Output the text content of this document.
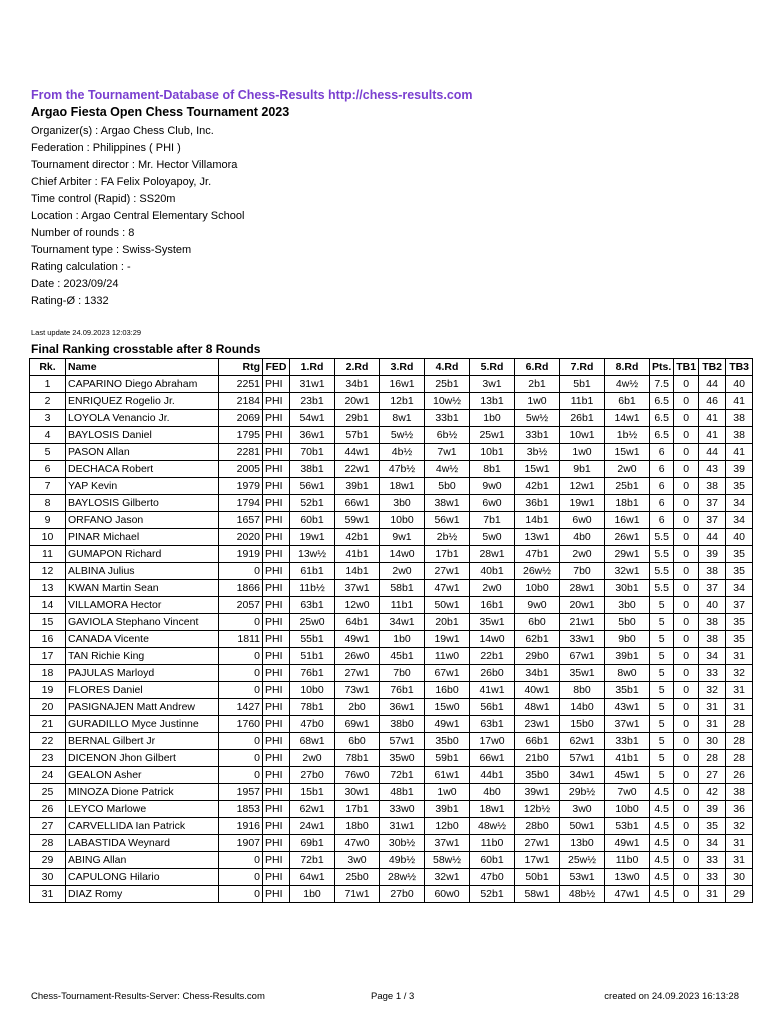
From the Tournament-Database of Chess-Results http://chess-results.com
Argao Fiesta Open Chess Tournament 2023
Organizer(s) : Argao Chess Club, Inc.
Federation : Philippines ( PHI )
Tournament director : Mr. Hector Villamora
Chief Arbiter : FA Felix Poloyapoy, Jr.
Time control (Rapid) : SS20m
Location : Argao Central Elementary School
Number of rounds : 8
Tournament type : Swiss-System
Rating calculation : -
Date : 2023/09/24
Rating-Ø : 1332
Last update 24.09.2023 12:03:29
Final Ranking crosstable after 8 Rounds
Rk.	Name	Rtg	FED	1.Rd	2.Rd	3.Rd	4.Rd	5.Rd	6.Rd	7.Rd	8.Rd	Pts.	TB1	TB2	TB3
1	CAPARINO Diego Abraham	2251	PHI	31w1	34b1	16w1	25b1	3w1	2b1	5b1	4w½	7.5	0	44	40
2	ENRIQUEZ Rogelio Jr.	2184	PHI	23b1	20w1	12b1	10w½	13b1	1w0	11b1	6b1	6.5	0	46	41
3	LOYOLA Venancio Jr.	2069	PHI	54w1	29b1	8w1	33b1	1b0	5w½	26b1	14w1	6.5	0	41	38
4	BAYLOSIS Daniel	1795	PHI	36w1	57b1	5w½	6b½	25w1	33b1	10w1	1b½	6.5	0	41	38
5	PASON Allan	2281	PHI	70b1	44w1	4b½	7w1	10b1	3b½	1w0	15w1	6	0	44	41
6	DECHACA Robert	2005	PHI	38b1	22w1	47b½	4w½	8b1	15w1	9b1	2w0	6	0	43	39
7	YAP Kevin	1979	PHI	56w1	39b1	18w1	5b0	9w0	42b1	12w1	25b1	6	0	38	35
8	BAYLOSIS Gilberto	1794	PHI	52b1	66w1	3b0	38w1	6w0	36b1	19w1	18b1	6	0	37	34
9	ORFANO Jason	1657	PHI	60b1	59w1	10b0	56w1	7b1	14b1	6w0	16w1	6	0	37	34
10	PINAR Michael	2020	PHI	19w1	42b1	9w1	2b½	5w0	13w1	4b0	26w1	5.5	0	44	40
11	GUMAPON Richard	1919	PHI	13w½	41b1	14w0	17b1	28w1	47b1	2w0	29w1	5.5	0	39	35
12	ALBINA Julius	0	PHI	61b1	14b1	2w0	27w1	40b1	26w½	7b0	32w1	5.5	0	38	35
13	KWAN Martin Sean	1866	PHI	11b½	37w1	58b1	47w1	2w0	10b0	28w1	30b1	5.5	0	37	34
14	VILLAMORA Hector	2057	PHI	63b1	12w0	11b1	50w1	16b1	9w0	20w1	3b0	5	0	40	37
15	GAVIOLA Stephano Vincent	0	PHI	25w0	64b1	34w1	20b1	35w1	6b0	21w1	5b0	5	0	38	35
16	CANADA Vicente	1811	PHI	55b1	49w1	1b0	19w1	14w0	62b1	33w1	9b0	5	0	38	35
17	TAN Richie King	0	PHI	51b1	26w0	45b1	11w0	22b1	29b0	67w1	39b1	5	0	34	31
18	PAJULAS Marloyd	0	PHI	76b1	27w1	7b0	67w1	26b0	34b1	35w1	8w0	5	0	33	32
19	FLORES Daniel	0	PHI	10b0	73w1	76b1	16b0	41w1	40w1	8b0	35b1	5	0	32	31
20	PASIGNAJEN Matt Andrew	1427	PHI	78b1	2b0	36w1	15w0	56b1	48w1	14b0	43w1	5	0	31	31
21	GURADILLO Myce Justinne	1760	PHI	47b0	69w1	38b0	49w1	63b1	23w1	15b0	37w1	5	0	31	28
22	BERNAL Gilbert Jr	0	PHI	68w1	6b0	57w1	35b0	17w0	66b1	62w1	33b1	5	0	30	28
23	DICENON Jhon Gilbert	0	PHI	2w0	78b1	35w0	59b1	66w1	21b0	57w1	41b1	5	0	28	28
24	GEALON Asher	0	PHI	27b0	76w0	72b1	61w1	44b1	35b0	34w1	45w1	5	0	27	26
25	MINOZA Dione Patrick	1957	PHI	15b1	30w1	48b1	1w0	4b0	39w1	29b½	7w0	4.5	0	42	38
26	LEYCO Marlowe	1853	PHI	62w1	17b1	33w0	39b1	18w1	12b½	3w0	10b0	4.5	0	39	36
27	CARVELLIDA Ian Patrick	1916	PHI	24w1	18b0	31w1	12b0	48w½	28b0	50w1	53b1	4.5	0	35	32
28	LABASTIDA Weynard	1907	PHI	69b1	47w0	30b½	37w1	11b0	27w1	13b0	49w1	4.5	0	34	31
29	ABING Allan	0	PHI	72b1	3w0	49b½	58w½	60b1	17w1	25w½	11b0	4.5	0	33	31
30	CAPULONG Hilario	0	PHI	64w1	25b0	28w½	32w1	47b0	50b1	53w1	13w0	4.5	0	33	30
31	DIAZ Romy	0	PHI	1b0	71w1	27b0	60w0	52b1	58w1	48b½	47w1	4.5	0	31	29
Chess-Tournament-Results-Server: Chess-Results.com	Page 1 / 3	created on 24.09.2023 16:13:28
